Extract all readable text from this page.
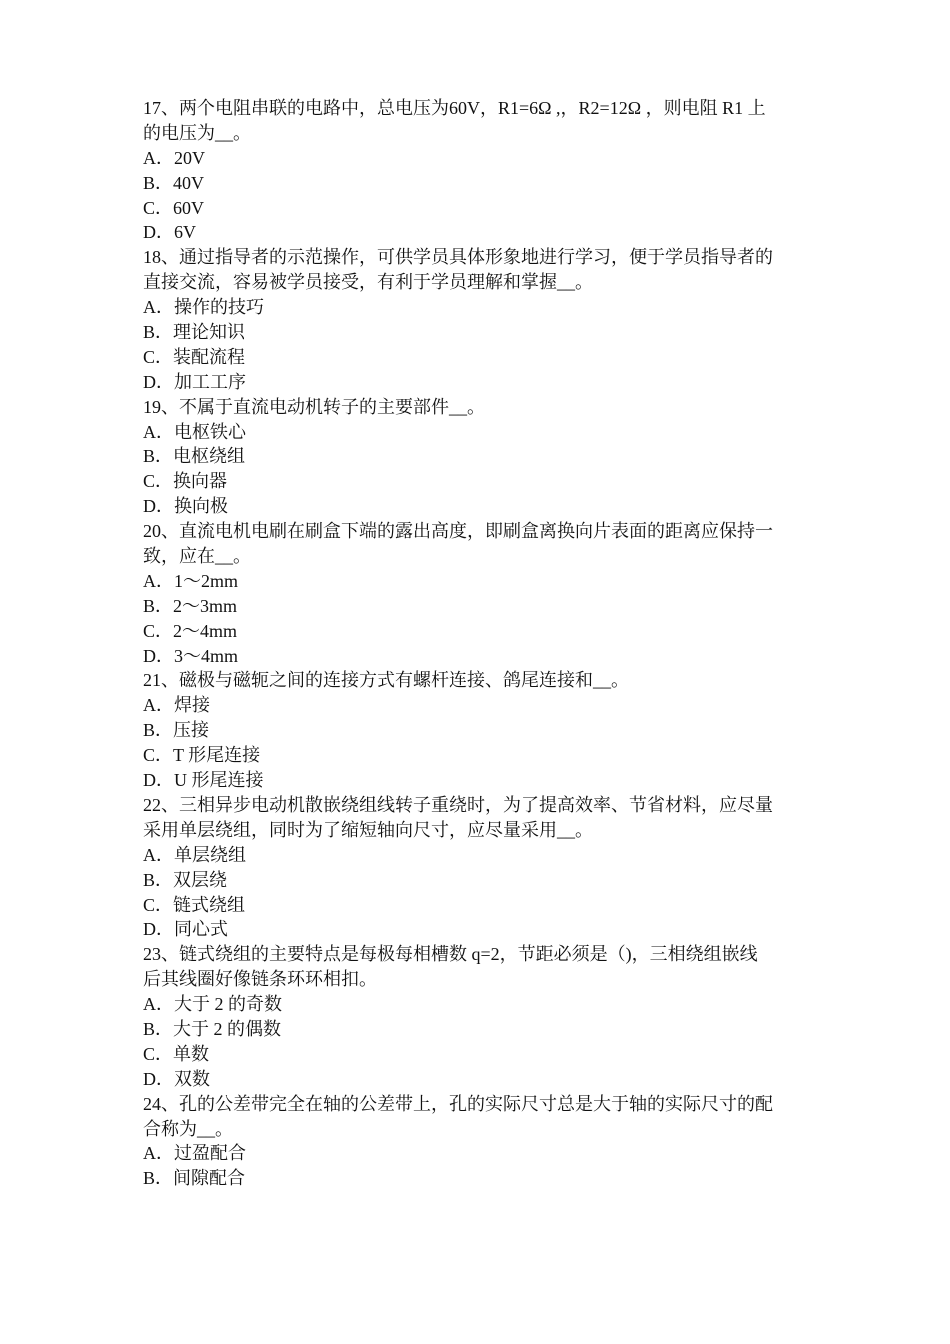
17、两个电阻串联的电路中，总电压为60V，R1=6Ω ,，R2=12Ω ，则电阻 R1 上
的电压为__。
A．20V
B．40V
C．60V
D．6V
18、通过指导者的示范操作，可供学员具体形象地进行学习，便于学员指导者的
直接交流，容易被学员接受，有利于学员理解和掌握__。
A．操作的技巧
B．理论知识
C．装配流程
D．加工工序
19、不属于直流电动机转子的主要部件__。
A．电枢铁心
B．电枢绕组
C．换向器
D．换向极
20、直流电机电刷在刷盒下端的露出高度，即刷盒离换向片表面的距离应保持一
致，应在__。
A．1～2mm
B．2～3mm
C．2～4mm
D．3～4mm
21、磁极与磁轭之间的连接方式有螺杆连接、鸽尾连接和__。
A．焊接
B．压接
C．T 形尾连接
D．U 形尾连接
22、三相异步电动机散嵌绕组线转子重绕时，为了提高效率、节省材料，应尽量
采用单层绕组，同时为了缩短轴向尺寸，应尽量采用__。
A．单层绕组
B．双层绕
C．链式绕组
D．同心式
23、链式绕组的主要特点是每极每相槽数 q=2，节距必须是（)，三相绕组嵌线
后其线圈好像链条环环相扣。
A．大于 2 的奇数
B．大于 2 的偶数
C．单数
D．双数
24、孔的公差带完全在轴的公差带上，孔的实际尺寸总是大于轴的实际尺寸的配
合称为__。
A．过盈配合
B．间隙配合
